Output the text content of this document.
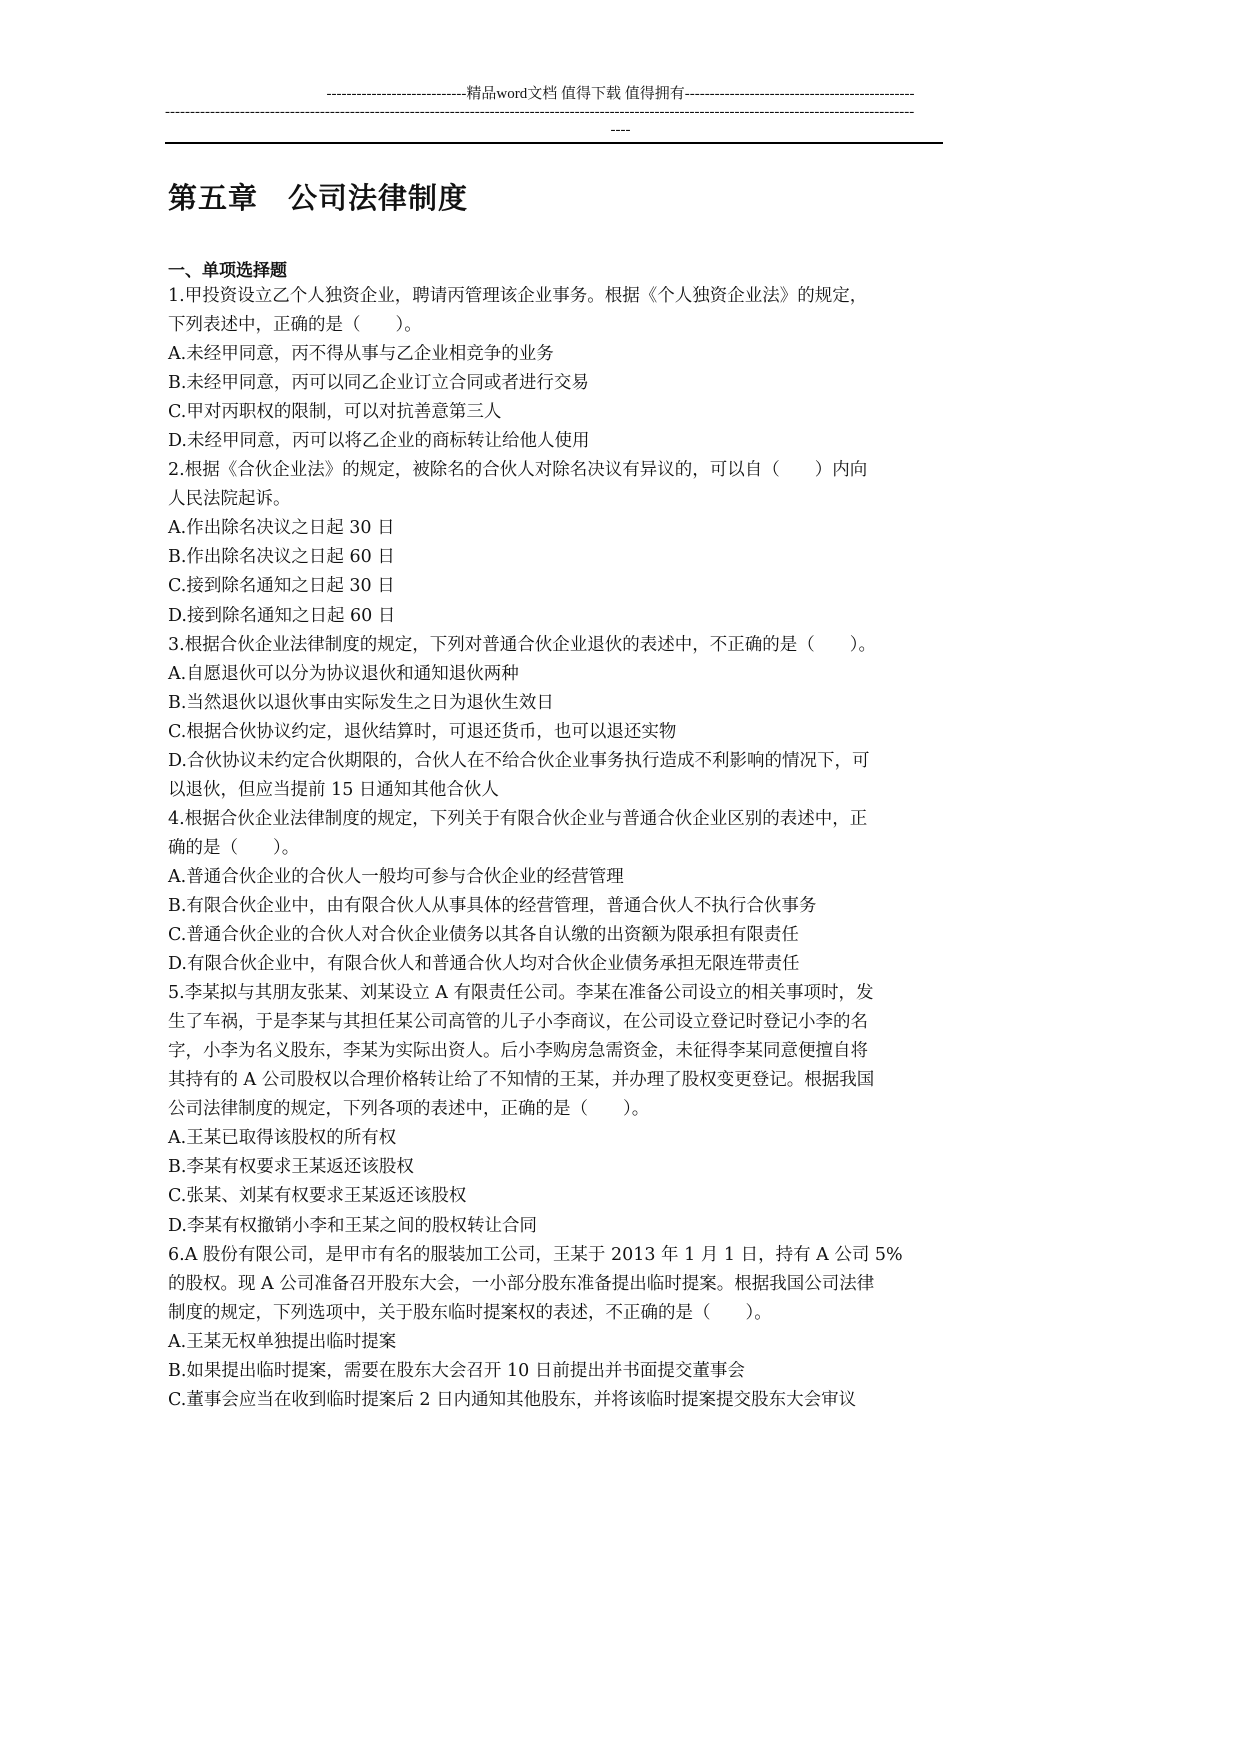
----------------------------精品word文档 值得下载 值得拥有----------------------------------------------
------------------------------------------------------------------------------------------------------------------------------------------------------
----
第五章　公司法律制度
一、单项选择题
1.甲投资设立乙个人独资企业，聘请丙管理该企业事务。根据《个人独资企业法》的规定，
下列表述中，正确的是（　　）。
A.未经甲同意，丙不得从事与乙企业相竞争的业务
B.未经甲同意，丙可以同乙企业订立合同或者进行交易
C.甲对丙职权的限制，可以对抗善意第三人
D.未经甲同意，丙可以将乙企业的商标转让给他人使用
2.根据《合伙企业法》的规定，被除名的合伙人对除名决议有异议的，可以自（　　）内向
人民法院起诉。
A.作出除名决议之日起 30 日
B.作出除名决议之日起 60 日
C.接到除名通知之日起 30 日
D.接到除名通知之日起 60 日
3.根据合伙企业法律制度的规定，下列对普通合伙企业退伙的表述中，不正确的是（　　）。
A.自愿退伙可以分为协议退伙和通知退伙两种
B.当然退伙以退伙事由实际发生之日为退伙生效日
C.根据合伙协议约定，退伙结算时，可退还货币，也可以退还实物
D.合伙协议未约定合伙期限的，合伙人在不给合伙企业事务执行造成不利影响的情况下，可
以退伙，但应当提前 15 日通知其他合伙人
4.根据合伙企业法律制度的规定，下列关于有限合伙企业与普通合伙企业区别的表述中，正
确的是（　　）。
A.普通合伙企业的合伙人一般均可参与合伙企业的经营管理
B.有限合伙企业中，由有限合伙人从事具体的经营管理，普通合伙人不执行合伙事务
C.普通合伙企业的合伙人对合伙企业债务以其各自认缴的出资额为限承担有限责任
D.有限合伙企业中，有限合伙人和普通合伙人均对合伙企业债务承担无限连带责任
5.李某拟与其朋友张某、刘某设立 A 有限责任公司。李某在准备公司设立的相关事项时，发
生了车祸，于是李某与其担任某公司高管的儿子小李商议，在公司设立登记时登记小李的名
字，小李为名义股东，李某为实际出资人。后小李购房急需资金，未征得李某同意便擅自将
其持有的 A 公司股权以合理价格转让给了不知情的王某，并办理了股权变更登记。根据我国
公司法律制度的规定，下列各项的表述中，正确的是（　　）。
A.王某已取得该股权的所有权
B.李某有权要求王某返还该股权
C.张某、刘某有权要求王某返还该股权
D.李某有权撤销小李和王某之间的股权转让合同
6.A 股份有限公司，是甲市有名的服装加工公司，王某于 2013 年 1 月 1 日，持有 A 公司 5%
的股权。现 A 公司准备召开股东大会，一小部分股东准备提出临时提案。根据我国公司法律
制度的规定，下列选项中，关于股东临时提案权的表述，不正确的是（　　）。
A.王某无权单独提出临时提案
B.如果提出临时提案，需要在股东大会召开 10 日前提出并书面提交董事会
C.董事会应当在收到临时提案后 2 日内通知其他股东，并将该临时提案提交股东大会审议
